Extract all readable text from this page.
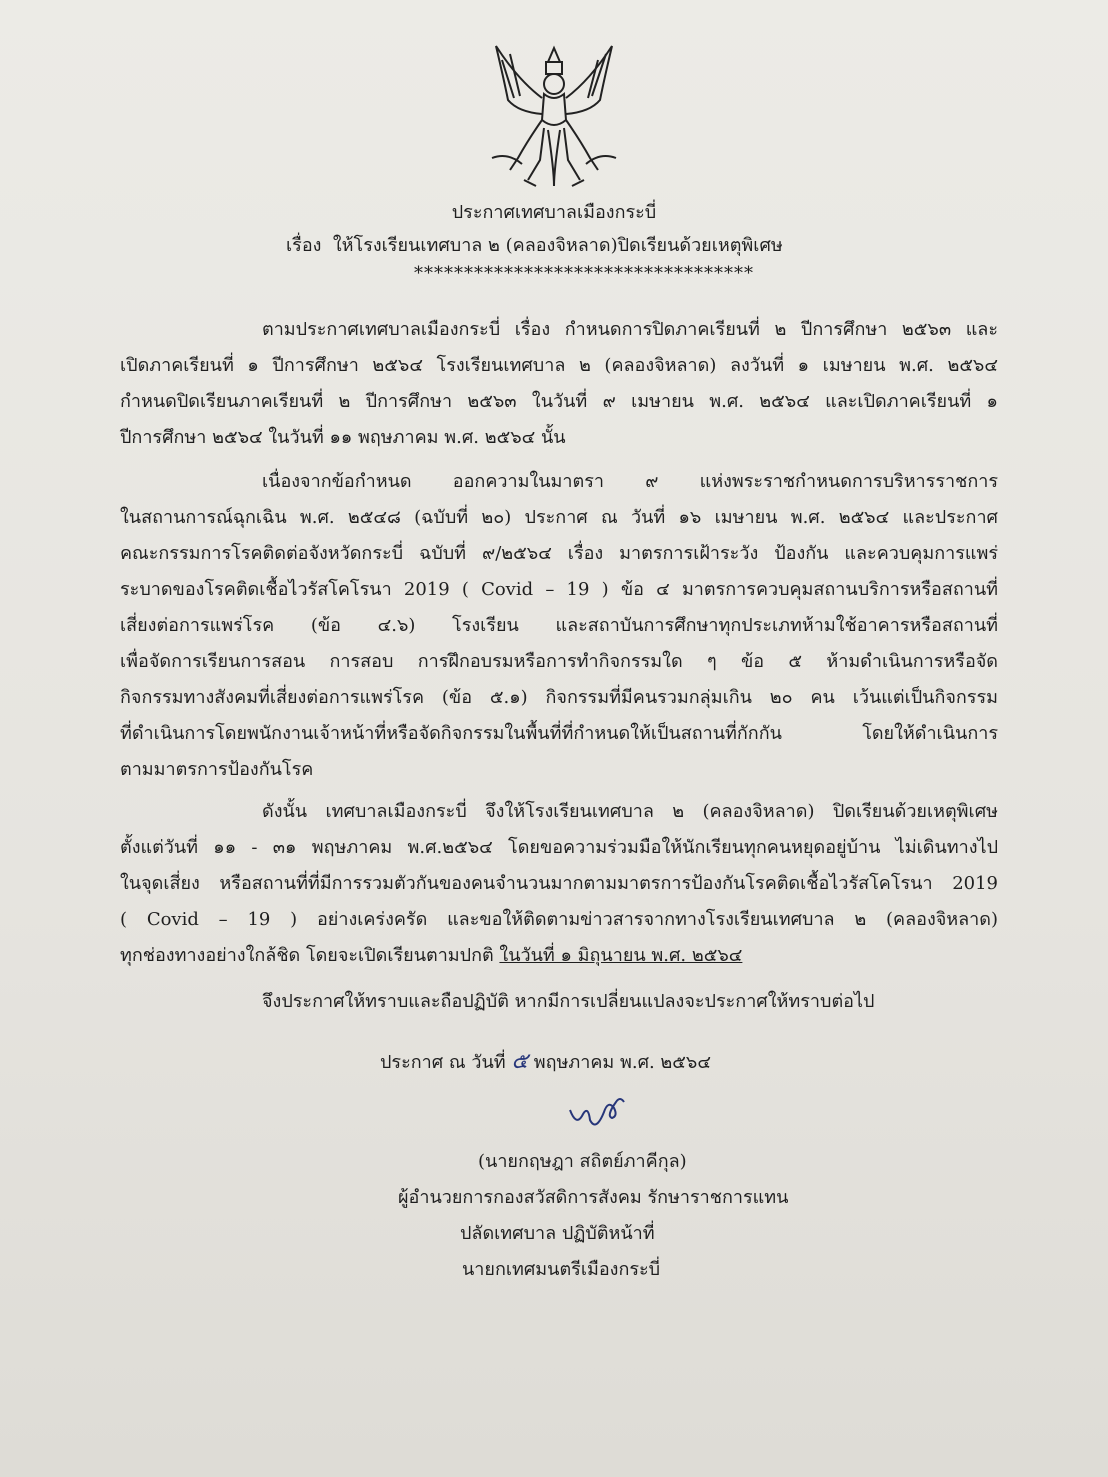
ประกาศเทศบาลเมืองกระบี่
เรื่อง ให้โรงเรียนเทศบาล ๒ (คลองจิหลาด)ปิดเรียนด้วยเหตุพิเศษ
**********************************
ตามประกาศเทศบาลเมืองกระบี่ เรื่อง กำหนดการปิดภาคเรียนที่ ๒ ปีการศึกษา ๒๕๖๓ และ
เปิดภาคเรียนที่ ๑ ปีการศึกษา ๒๕๖๔ โรงเรียนเทศบาล ๒ (คลองจิหลาด) ลงวันที่ ๑ เมษายน พ.ศ. ๒๕๖๔
กำหนดปิดเรียนภาคเรียนที่ ๒ ปีการศึกษา ๒๕๖๓ ในวันที่ ๙ เมษายน พ.ศ. ๒๕๖๔ และเปิดภาคเรียนที่ ๑
ปีการศึกษา ๒๕๖๔ ในวันที่ ๑๑ พฤษภาคม พ.ศ. ๒๕๖๔ นั้น
เนื่องจากข้อกำหนด ออกความในมาตรา ๙ แห่งพระราชกำหนดการบริหารราชการ
ในสถานการณ์ฉุกเฉิน พ.ศ. ๒๕๔๘ (ฉบับที่ ๒๐) ประกาศ ณ วันที่ ๑๖ เมษายน พ.ศ. ๒๕๖๔ และประกาศ
คณะกรรมการโรคติดต่อจังหวัดกระบี่ ฉบับที่ ๙/๒๕๖๔ เรื่อง มาตรการเฝ้าระวัง ป้องกัน และควบคุมการแพร่
ระบาดของโรคติดเชื้อไวรัสโคโรนา 2019 ( Covid – 19 ) ข้อ ๔ มาตรการควบคุมสถานบริการหรือสถานที่
เสี่ยงต่อการแพร่โรค (ข้อ ๔.๖) โรงเรียน และสถาบันการศึกษาทุกประเภทห้ามใช้อาคารหรือสถานที่
เพื่อจัดการเรียนการสอน การสอบ การฝึกอบรมหรือการทำกิจกรรมใด ๆ ข้อ ๕ ห้ามดำเนินการหรือจัด
กิจกรรมทางสังคมที่เสี่ยงต่อการแพร่โรค (ข้อ ๕.๑) กิจกรรมที่มีคนรวมกลุ่มเกิน ๒๐ คน เว้นแต่เป็นกิจกรรม
ที่ดำเนินการโดยพนักงานเจ้าหน้าที่หรือจัดกิจกรรมในพื้นที่ที่กำหนดให้เป็นสถานที่กักกัน โดยให้ดำเนินการ
ตามมาตรการป้องกันโรค
ดังนั้น เทศบาลเมืองกระบี่ จึงให้โรงเรียนเทศบาล ๒ (คลองจิหลาด) ปิดเรียนด้วยเหตุพิเศษ
ตั้งแต่วันที่ ๑๑ - ๓๑ พฤษภาคม พ.ศ.๒๕๖๔ โดยขอความร่วมมือให้นักเรียนทุกคนหยุดอยู่บ้าน ไม่เดินทางไป
ในจุดเสี่ยง หรือสถานที่ที่มีการรวมตัวกันของคนจำนวนมากตามมาตรการป้องกันโรคติดเชื้อไวรัสโคโรนา 2019
( Covid – 19 ) อย่างเคร่งครัด และขอให้ติดตามข่าวสารจากทางโรงเรียนเทศบาล ๒ (คลองจิหลาด)
ทุกช่องทางอย่างใกล้ชิด โดยจะเปิดเรียนตามปกติ ในวันที่ ๑ มิถุนายน พ.ศ. ๒๕๖๔
จึงประกาศให้ทราบและถือปฏิบัติ หากมีการเปลี่ยนแปลงจะประกาศให้ทราบต่อไป
ประกาศ ณ วันที่ ๕ พฤษภาคม พ.ศ. ๒๕๖๔
(นายกฤษฎา สถิตย์ภาคีกุล)
ผู้อำนวยการกองสวัสดิการสังคม รักษาราชการแทน
ปลัดเทศบาล ปฏิบัติหน้าที่
นายกเทศมนตรีเมืองกระบี่
